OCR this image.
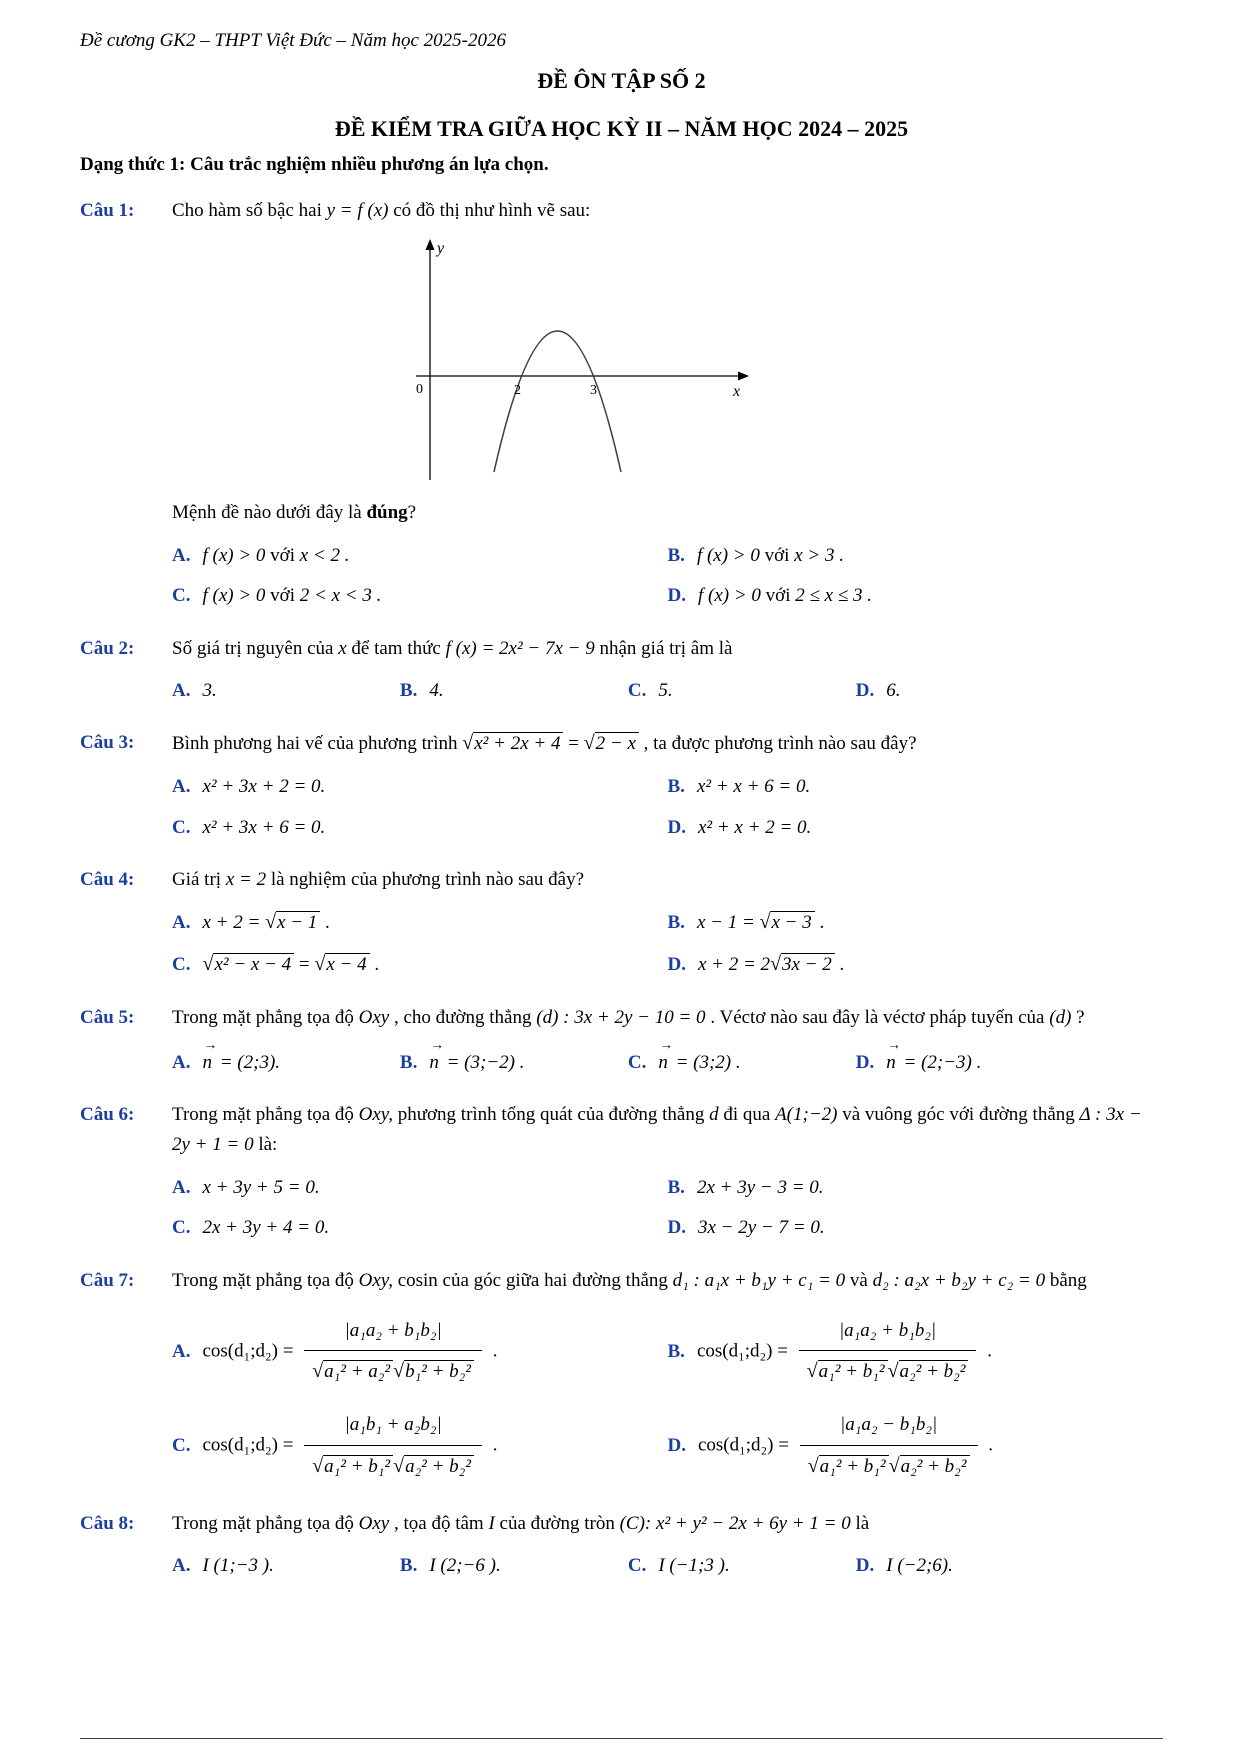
Đề cương GK2 – THPT Việt Đức – Năm học 2025-2026
ĐỀ ÔN TẬP SỐ 2
ĐỀ KIỂM TRA GIỮA HỌC KỲ II – NĂM HỌC 2024 – 2025
Dạng thức 1: Câu trắc nghiệm nhiều phương án lựa chọn.
Câu 1:	Cho hàm số bậc hai y = f (x) có đồ thị như hình vẽ sau:
y
x
0	2	3
Mệnh đề nào dưới đây là đúng?
A. f (x) > 0 với x < 2 .	B. f (x) > 0 với x > 3 .
C. f (x) > 0 với 2 < x < 3 .	D. f (x) > 0 với 2 ≤ x ≤ 3 .
Câu 2:	Số giá trị nguyên của x để tam thức f (x) = 2x² − 7x − 9 nhận giá trị âm là
A. 3.	B. 4.	C. 5.	D. 6.
Câu 3:	Bình phương hai vế của phương trình √x² + 2x + 4 = √2 − x , ta được phương trình nào sau đây?
A. x² + 3x + 2 = 0.	B. x² + x + 6 = 0.
C. x² + 3x + 6 = 0.	D. x² + x + 2 = 0.
Câu 4:	Giá trị x = 2 là nghiệm của phương trình nào sau đây?
A. x + 2 = √x − 1 .	B. x − 1 = √x − 3 .
C. √x² − x − 4 = √x − 4 .	D. x + 2 = 2√3x − 2 .
Câu 5:	Trong mặt phẳng tọa độ Oxy , cho đường thẳng (d) : 3x + 2y − 10 = 0 . Véctơ nào sau đây là véctơ pháp tuyến của (d) ?
A.
→
n = (2;3).	B.
→
n = (3;−2) .	C.
→
n = (3;2) .	D.
→
n = (2;−3) .
Câu 6:	Trong mặt phẳng tọa độ Oxy, phương trình tổng quát của đường thẳng d đi qua A(1;−2) và vuông góc với đường thẳng Δ : 3x − 2y + 1 = 0 là:
A. x + 3y + 5 = 0.	B. 2x + 3y − 3 = 0.
C. 2x + 3y + 4 = 0.	D. 3x − 2y − 7 = 0.
Câu 7:	Trong mặt phẳng tọa độ Oxy, cosin của góc giữa hai đường thẳng d₁ : a₁x + b₁y + c₁ = 0 và d₂ : a₂x + b₂y + c₂ = 0 bằng
A. cos(d₁;d₂) = $\frac{\text{|a₁a₂ + b₁b₂|}}{\text{√a₁² + a₂² √b₁² + b₂²}}$ .	B. cos(d₁;d₂) = $\frac{\text{|a₁a₂ + b₁b₂|}}{\text{√a₁² + b₁² √a₂² + b₂²}}$ .
C. cos(d₁;d₂) = $\frac{\text{|a₁b₁ + a₂b₂|}}{\text{√a₁² + b₁² √a₂² + b₂²}}$ .	D. cos(d₁;d₂) = $\frac{\text{|a₁a₂ − b₁b₂|}}{\text{√a₁² + b₁² √a₂² + b₂²}}$ .
Câu 8:	Trong mặt phẳng tọa độ Oxy , tọa độ tâm I của đường tròn (C): x² + y² − 2x + 6y + 1 = 0 là
A. I (1;−3 ).	B. I (2;−6 ).	C. I (−1;3 ).	D. I (−2;6).
